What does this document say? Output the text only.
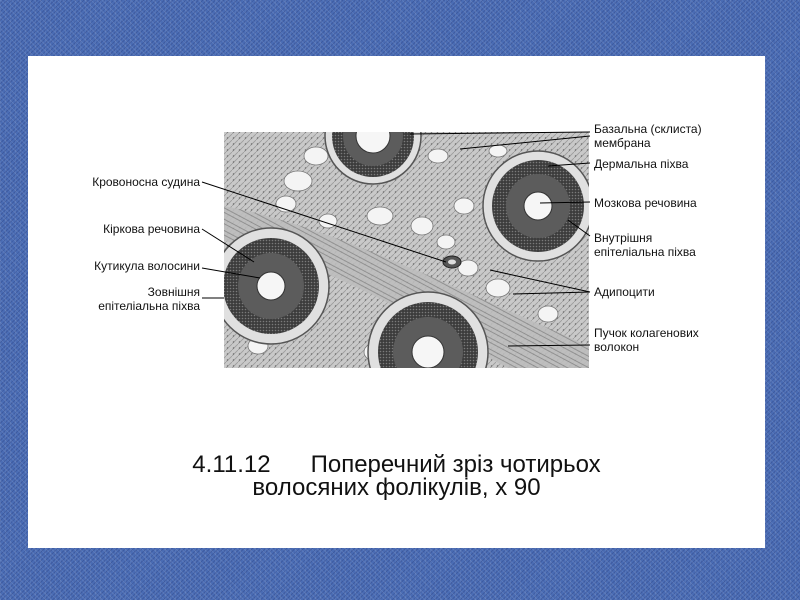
Кровоносна судина
Кіркова речовина
Кутикула волосини
Зовнішня
епітеліальна піхва
Базальна (склиста)
мембрана
Дермальна піхва
Мозкова речовина
Внутрішня
епітеліальна піхва
Адипоцити
Пучок колагенових
волокон
4.11.12 Поперечний зріз чотирьох
волосяних фолікулів, х 90
